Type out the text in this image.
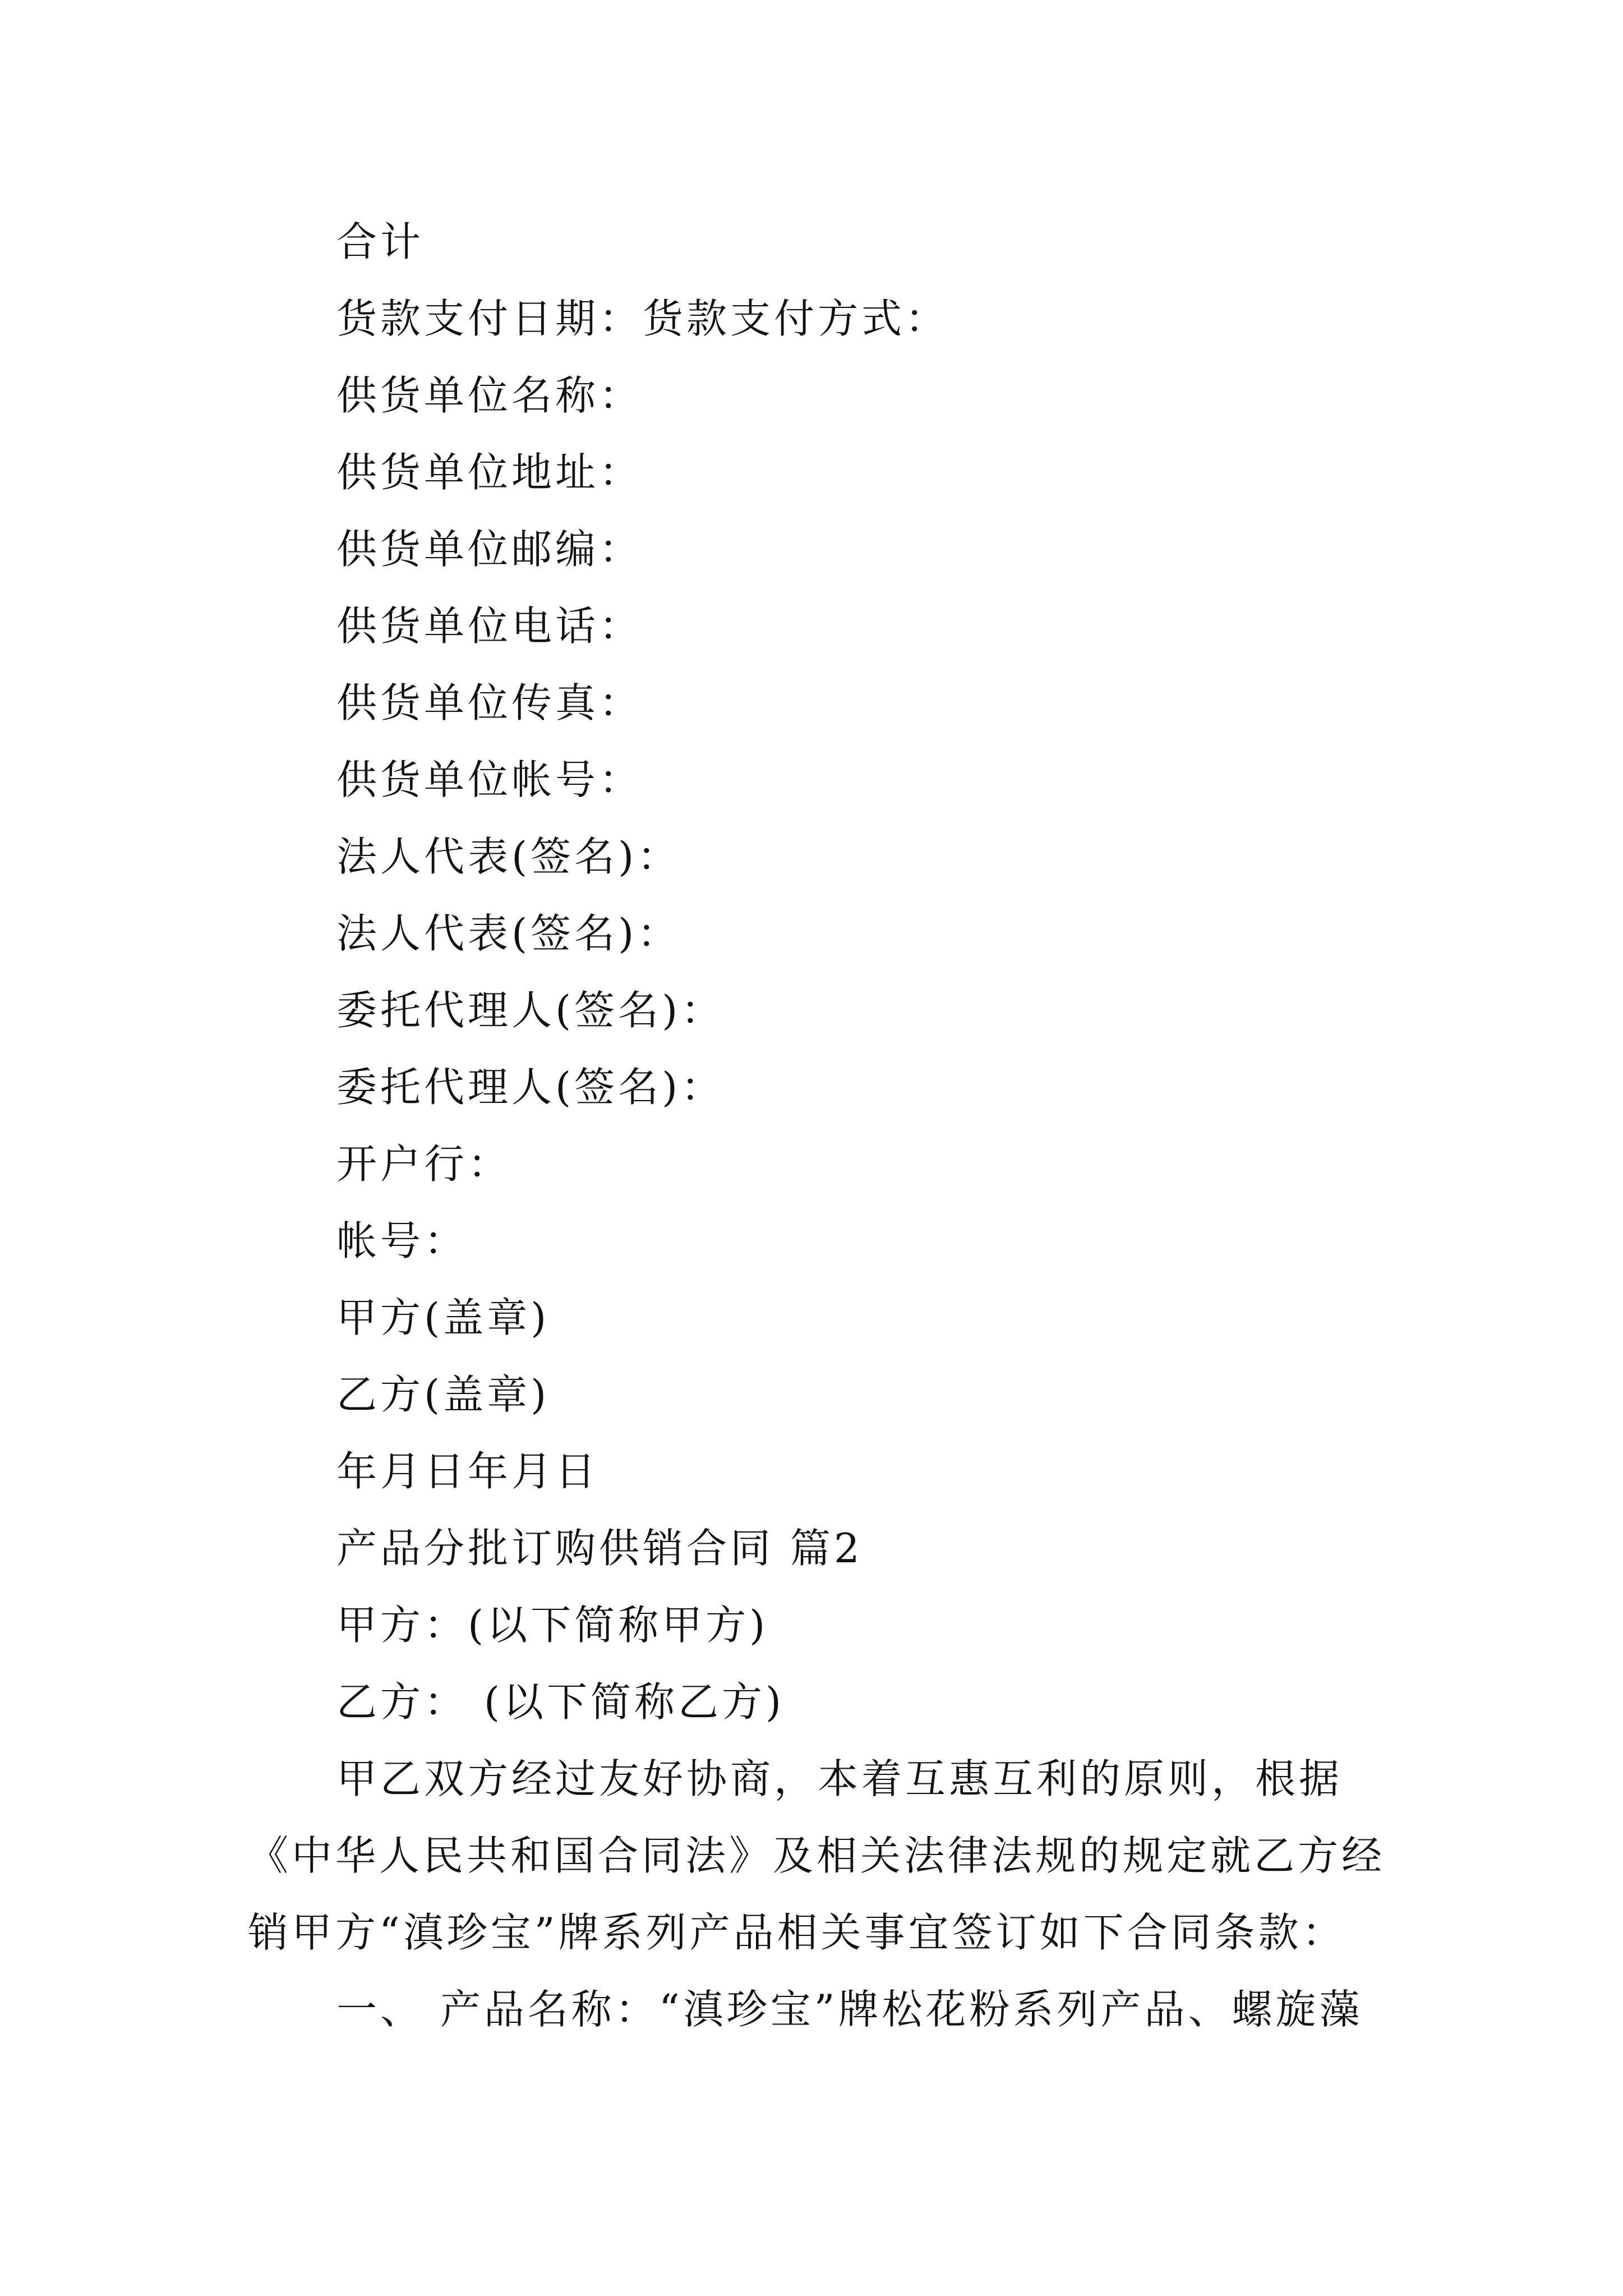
合计
货款支付日期：货款支付方式：
供货单位名称：
供货单位地址：
供货单位邮编：
供货单位电话：
供货单位传真：
供货单位帐号：
法人代表(签名)：
法人代表(签名)：
委托代理人(签名)：
委托代理人(签名)：
开户行：
帐号：
甲方(盖章)
乙方(盖章)
年月日年月日
产品分批订购供销合同 篇2
甲方：(以下简称甲方)
乙方： (以下简称乙方)
甲乙双方经过友好协商，本着互惠互利的原则，根据
《中华人民共和国合同法》及相关法律法规的规定就乙方经
销甲方“滇珍宝”牌系列产品相关事宜签订如下合同条款：
一、 产品名称：“滇珍宝”牌松花粉系列产品、螺旋藻
